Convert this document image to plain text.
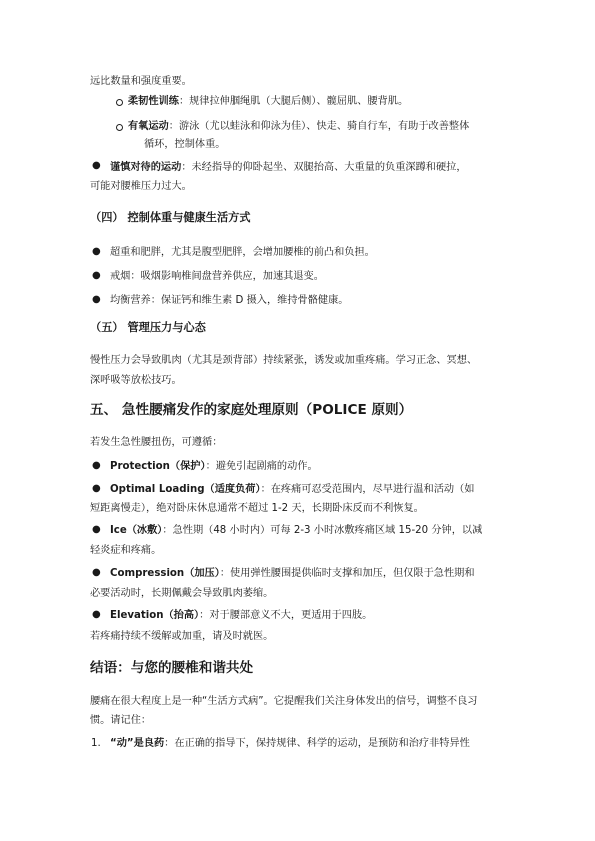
远比数量和强度重要。
柔韧性训练：规律拉伸腘绳肌（大腿后侧）、髋屈肌、腰背肌。
有氧运动：游泳（尤以蛙泳和仰泳为佳）、快走、骑自行车，有助于改善整体
循环，控制体重。
● 谨慎对待的运动：未经指导的仰卧起坐、双腿抬高、大重量的负重深蹲和硬拉，
可能对腰椎压力过大。
（四） 控制体重与健康生活方式
● 超重和肥胖，尤其是腹型肥胖，会增加腰椎的前凸和负担。
● 戒烟：吸烟影响椎间盘营养供应，加速其退变。
● 均衡营养：保证钙和维生素 D 摄入，维持骨骼健康。
（五） 管理压力与心态
慢性压力会导致肌肉（尤其是颈背部）持续紧张，诱发或加重疼痛。学习正念、冥想、
深呼吸等放松技巧。
五、 急性腰痛发作的家庭处理原则（POLICE 原则）
若发生急性腰扭伤，可遵循：
● Protection（保护）：避免引起剧痛的动作。
● Optimal Loading（适度负荷）：在疼痛可忍受范围内，尽早进行温和活动（如
短距离慢走），绝对卧床休息通常不超过 1-2 天，长期卧床反而不利恢复。
● Ice（冰敷）：急性期（48 小时内）可每 2-3 小时冰敷疼痛区域 15-20 分钟，以减
轻炎症和疼痛。
● Compression（加压）：使用弹性腰围提供临时支撑和加压，但仅限于急性期和
必要活动时，长期佩戴会导致肌肉萎缩。
● Elevation（抬高）：对于腰部意义不大，更适用于四肢。
若疼痛持续不缓解或加重，请及时就医。
结语：与您的腰椎和谐共处
腰痛在很大程度上是一种“生活方式病”。它提醒我们关注身体发出的信号，调整不良习
惯。请记住：
1. “动”是良药：在正确的指导下，保持规律、科学的运动，是预防和治疗非特异性
